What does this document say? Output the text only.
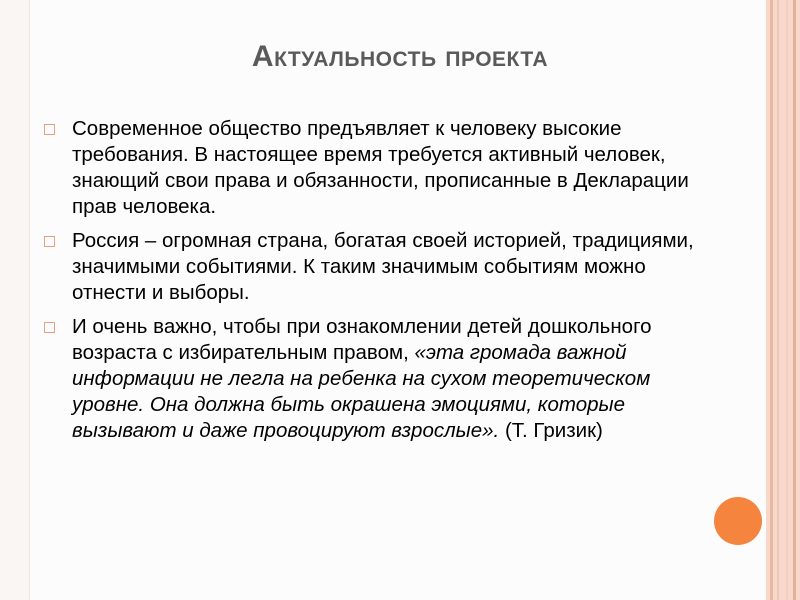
Актуальность проекта
Современное общество предъявляет к человеку высокие требования. В настоящее время требуется активный человек, знающий свои права и обязанности, прописанные в Декларации прав человека.
Россия – огромная страна, богатая своей историей, традициями, значимыми событиями. К таким значимым событиям можно отнести и выборы.
И очень важно, чтобы при ознакомлении детей дошкольного возраста с избирательным правом, «эта громада важной информации не легла на ребенка на сухом теоретическом уровне. Она должна быть окрашена эмоциями, которые вызывают и даже провоцируют взрослые». (Т. Гризик)
